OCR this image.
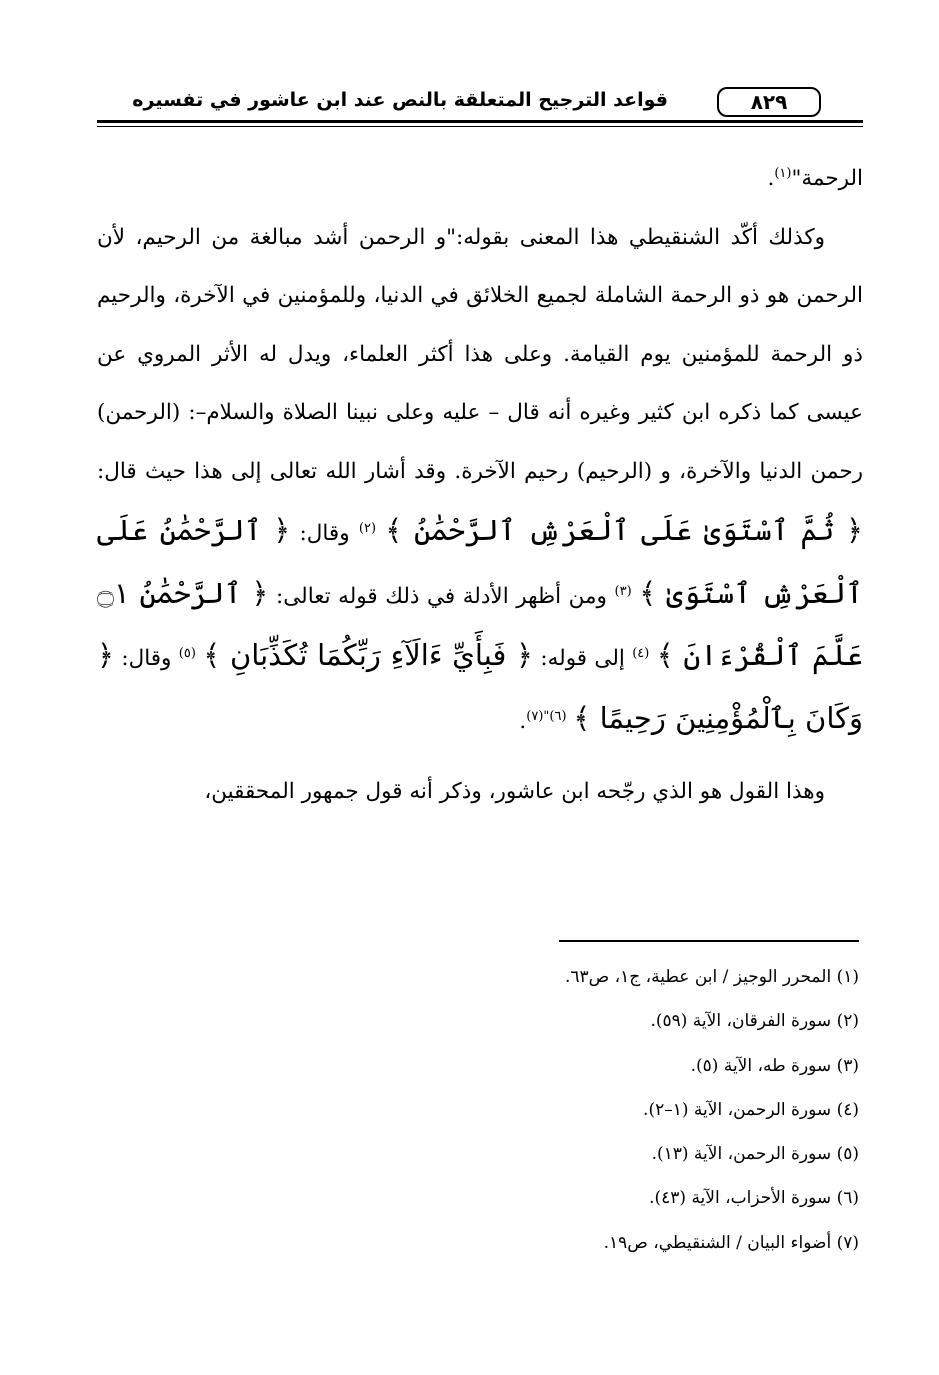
قواعد الترجيح المتعلقة بالنص عند ابن عاشور في تفسيره	٨٢٩

الرحمة"$^{(١)}$.

وكذلك أكّد الشنقيطي هذا المعنى بقوله:"و الرحمن أشد مبالغة من الرحيم، لأن الرحمن هو ذو الرحمة الشاملة لجميع الخلائق في الدنيا، وللمؤمنين في الآخرة، والرحيم ذو الرحمة للمؤمنين يوم القيامة. وعلى هذا أكثر العلماء، ويدل له الأثر المروي عن عيسى كما ذكره ابن كثير وغيره أنه قال – عليه وعلى نبينا الصلاة والسلام–: (الرحمن) رحمن الدنيا والآخرة، و (الرحيم) رحيم الآخرة. وقد أشار الله تعالى إلى هذا حيث قال: ﴿ ثُمَّ ٱسْتَوَىٰ عَلَى ٱلْعَرْشِ ٱلرَّحْمَٰنُ ﴾ $^{(٢)}$ وقال: ﴿ ٱلرَّحْمَٰنُ عَلَى ٱلْعَرْشِ ٱسْتَوَىٰ ﴾ $^{(٣)}$ ومن أظهر الأدلة في ذلك قوله تعالى: ﴿ ٱلرَّحْمَٰنُ ۝١ عَلَّمَ ٱلْقُرْءَانَ ﴾ $^{(٤)}$ إلى قوله: ﴿ فَبِأَيِّ ءَالَآءِ رَبِّكُمَا تُكَذِّبَانِ ﴾ $^{(٥)}$ وقال: ﴿ وَكَانَ بِٱلْمُؤْمِنِينَ رَحِيمًا ﴾ $^{(٦)"(٧)}$.

وهذا القول هو الذي رجّحه ابن عاشور، وذكر أنه قول جمهور المحققين،

(١) المحرر الوجيز / ابن عطية، ج١، ص٦٣.
(٢) سورة الفرقان، الآية (٥٩).
(٣) سورة طه، الآية (٥).
(٤) سورة الرحمن، الآية (١–٢).
(٥) سورة الرحمن، الآية (١٣).
(٦) سورة الأحزاب، الآية (٤٣).
(٧) أضواء البيان / الشنقيطي، ص١٩.
